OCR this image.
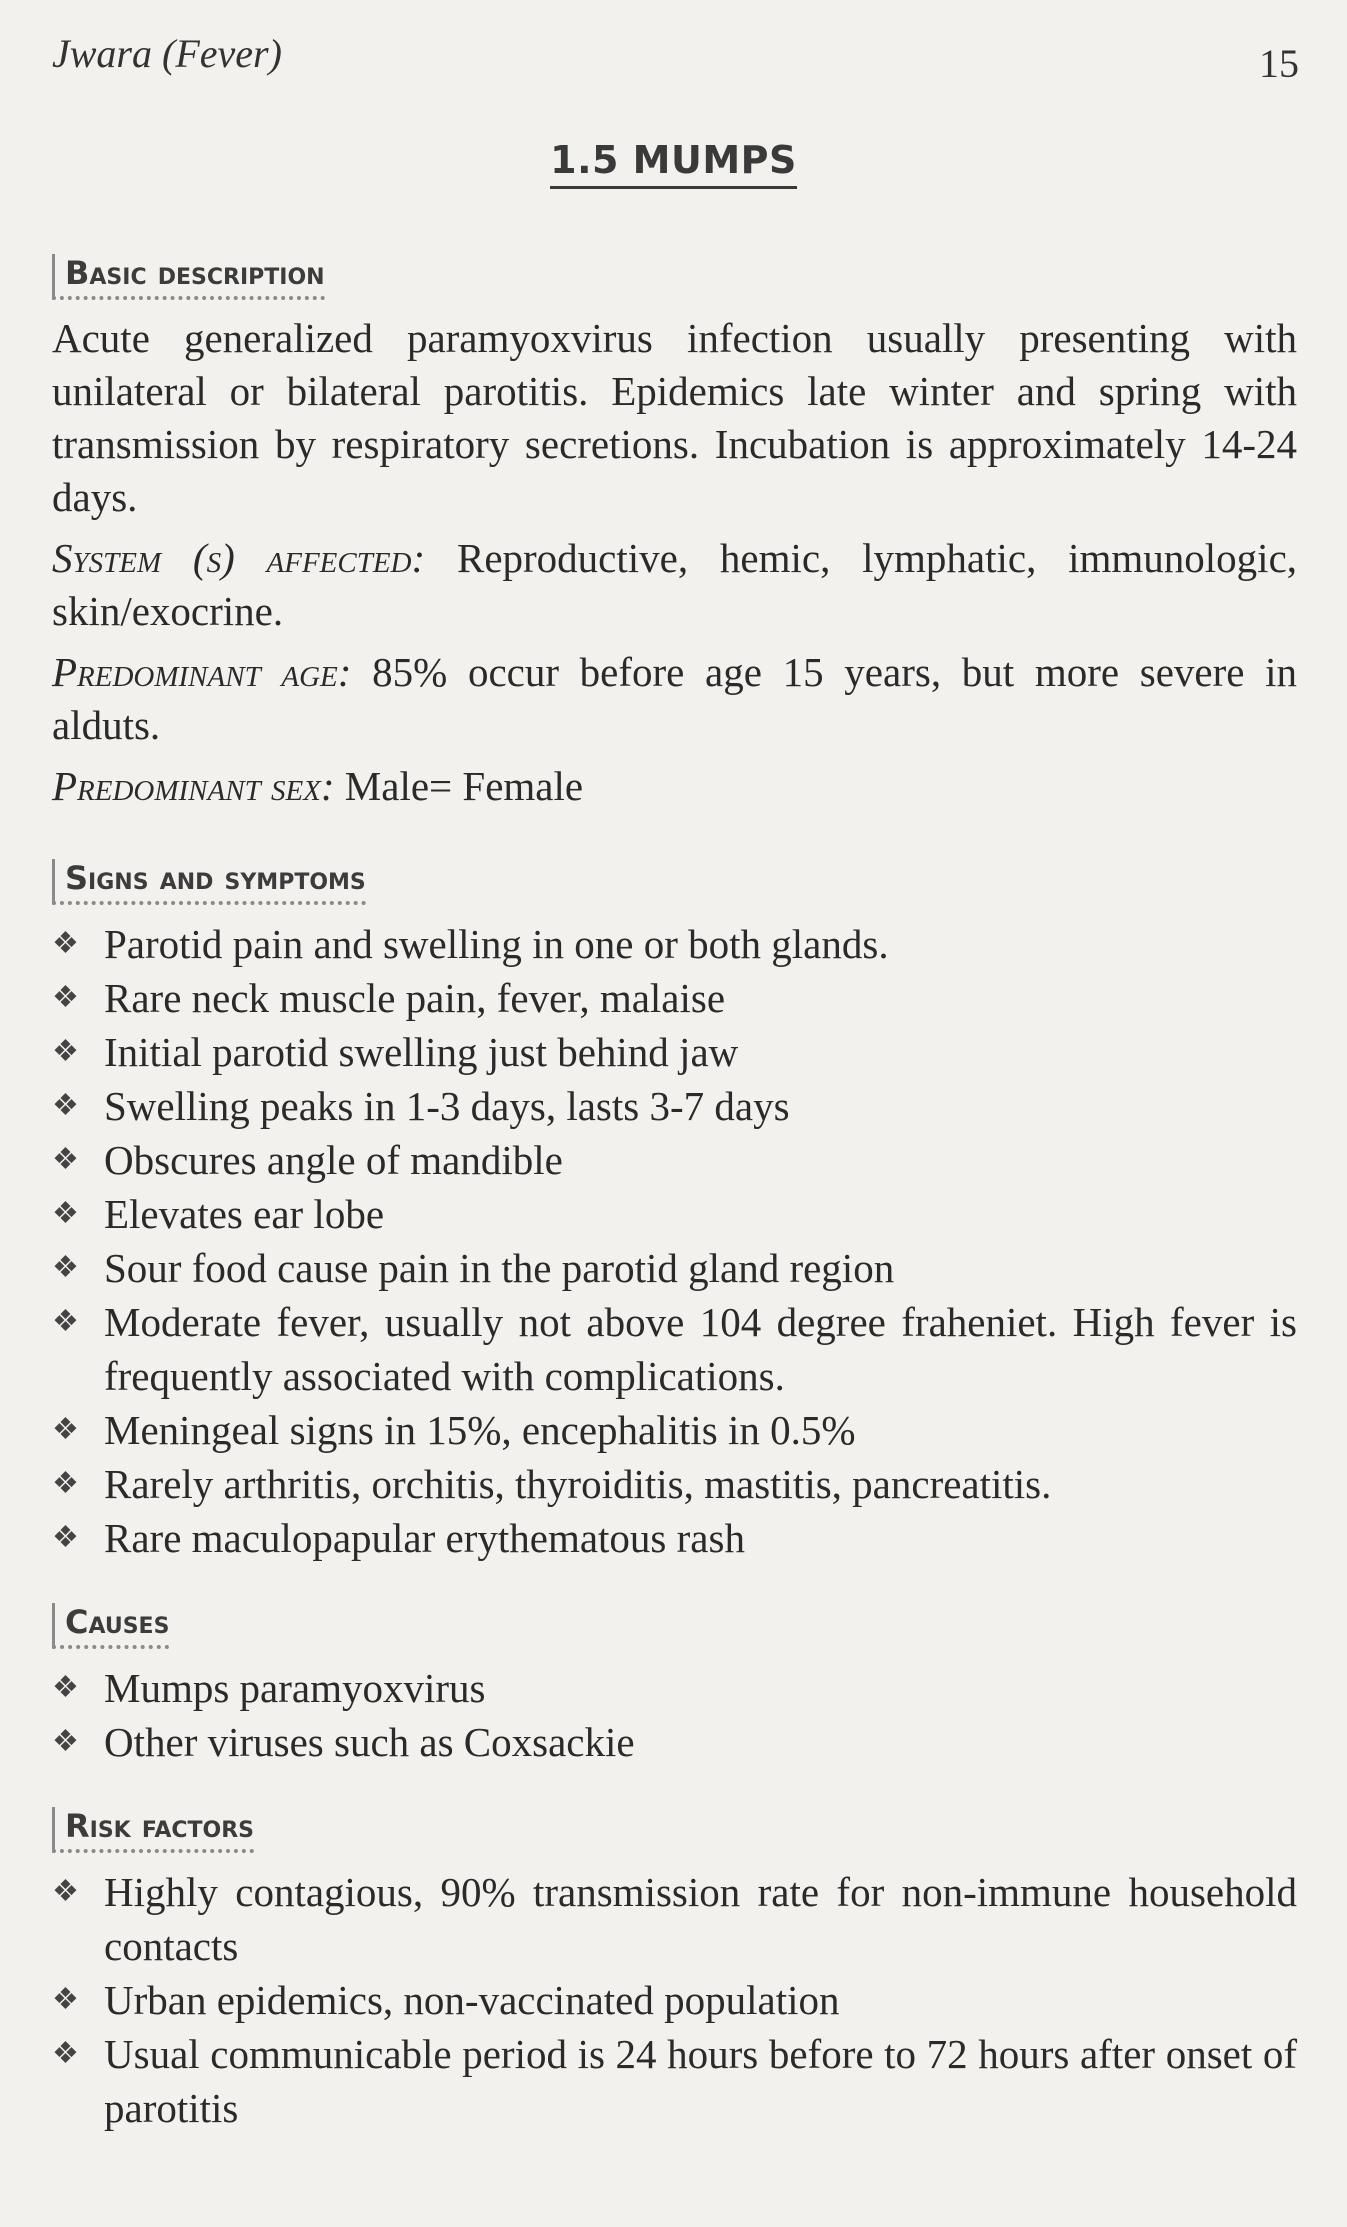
Jwara (Fever)	15
1.5 MUMPS
Basic description

Acute generalized paramyoxvirus infection usually presenting with unilateral or bilateral parotitis. Epidemics late winter and spring with transmission by respiratory secretions. Incubation is approximately 14-24 days.

System (s) affected: Reproductive, hemic, lymphatic, immunologic, skin/exocrine.

Predominant age: 85% occur before age 15 years, but more severe in alduts.

Predominant sex: Male= Female

Signs and symptoms
❖ Parotid pain and swelling in one or both glands.
❖ Rare neck muscle pain, fever, malaise
❖ Initial parotid swelling just behind jaw
❖ Swelling peaks in 1-3 days, lasts 3-7 days
❖ Obscures angle of mandible
❖ Elevates ear lobe
❖ Sour food cause pain in the parotid gland region
❖ Moderate fever, usually not above 104 degree fraheniet. High fever is frequently associated with complications.
❖ Meningeal signs in 15%, encephalitis in 0.5%
❖ Rarely arthritis, orchitis, thyroiditis, mastitis, pancreatitis.
❖ Rare maculopapular erythematous rash
Causes
❖ Mumps paramyoxvirus
❖ Other viruses such as Coxsackie
Risk factors
❖ Highly contagious, 90% transmission rate for non-immune household contacts
❖ Urban epidemics, non-vaccinated population
❖ Usual communicable period is 24 hours before to 72 hours after onset of parotitis
